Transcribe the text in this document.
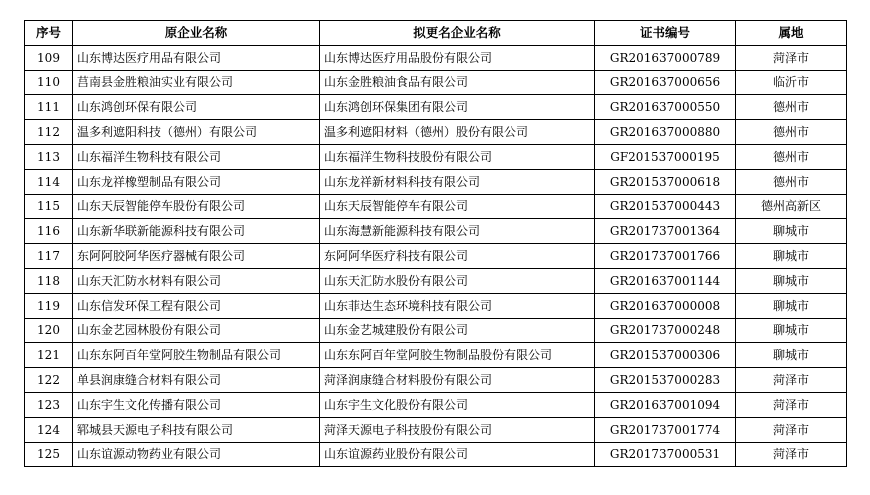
序号	原企业名称	拟更名企业名称	证书编号	属地
109	山东博达医疗用品有限公司	山东博达医疗用品股份有限公司	GR201637000789	菏泽市
110	莒南县金胜粮油实业有限公司	山东金胜粮油食品有限公司	GR201637000656	临沂市
111	山东鸿创环保有限公司	山东鸿创环保集团有限公司	GR201637000550	德州市
112	温多利遮阳科技（德州）有限公司	温多利遮阳材料（德州）股份有限公司	GR201637000880	德州市
113	山东福洋生物科技有限公司	山东福洋生物科技股份有限公司	GF201537000195	德州市
114	山东龙祥橡塑制品有限公司	山东龙祥新材料科技有限公司	GR201537000618	德州市
115	山东天辰智能停车股份有限公司	山东天辰智能停车有限公司	GR201537000443	德州高新区
116	山东新华联新能源科技有限公司	山东海慧新能源科技有限公司	GR201737001364	聊城市
117	东阿阿胶阿华医疗器械有限公司	东阿阿华医疗科技有限公司	GR201737001766	聊城市
118	山东天汇防水材料有限公司	山东天汇防水股份有限公司	GR201637001144	聊城市
119	山东信发环保工程有限公司	山东菲达生态环境科技有限公司	GR201637000008	聊城市
120	山东金艺园林股份有限公司	山东金艺城建股份有限公司	GR201737000248	聊城市
121	山东东阿百年堂阿胶生物制品有限公司	山东东阿百年堂阿胶生物制品股份有限公司	GR201537000306	聊城市
122	单县润康缝合材料有限公司	菏泽润康缝合材料股份有限公司	GR201537000283	菏泽市
123	山东宇生文化传播有限公司	山东宇生文化股份有限公司	GR201637001094	菏泽市
124	郓城县天源电子科技有限公司	菏泽天源电子科技股份有限公司	GR201737001774	菏泽市
125	山东谊源动物药业有限公司	山东谊源药业股份有限公司	GR201737000531	菏泽市
